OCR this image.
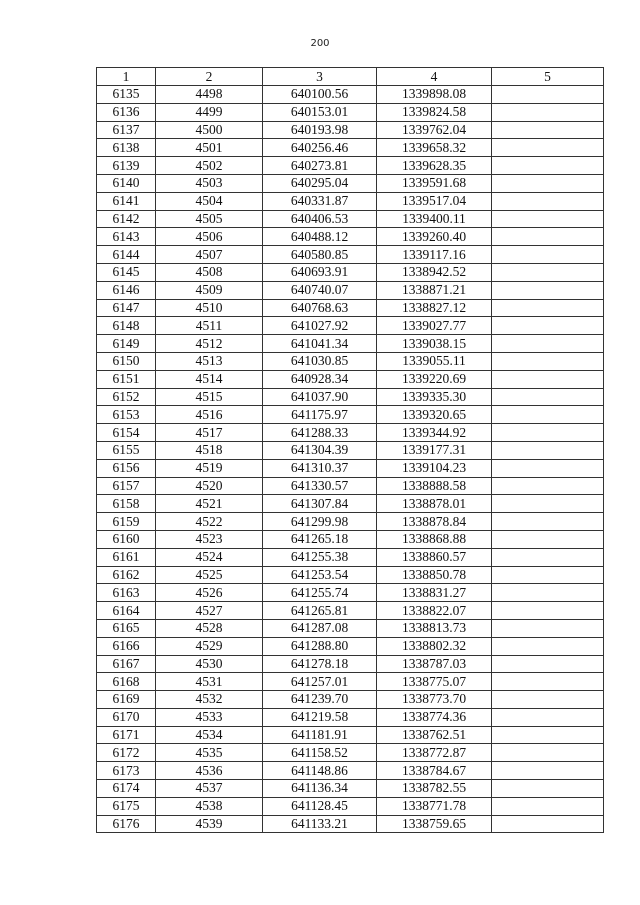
200
1	2	3	4	5
6135	4498	640100.56	1339898.08	
6136	4499	640153.01	1339824.58	
6137	4500	640193.98	1339762.04	
6138	4501	640256.46	1339658.32	
6139	4502	640273.81	1339628.35	
6140	4503	640295.04	1339591.68	
6141	4504	640331.87	1339517.04	
6142	4505	640406.53	1339400.11	
6143	4506	640488.12	1339260.40	
6144	4507	640580.85	1339117.16	
6145	4508	640693.91	1338942.52	
6146	4509	640740.07	1338871.21	
6147	4510	640768.63	1338827.12	
6148	4511	641027.92	1339027.77	
6149	4512	641041.34	1339038.15	
6150	4513	641030.85	1339055.11	
6151	4514	640928.34	1339220.69	
6152	4515	641037.90	1339335.30	
6153	4516	641175.97	1339320.65	
6154	4517	641288.33	1339344.92	
6155	4518	641304.39	1339177.31	
6156	4519	641310.37	1339104.23	
6157	4520	641330.57	1338888.58	
6158	4521	641307.84	1338878.01	
6159	4522	641299.98	1338878.84	
6160	4523	641265.18	1338868.88	
6161	4524	641255.38	1338860.57	
6162	4525	641253.54	1338850.78	
6163	4526	641255.74	1338831.27	
6164	4527	641265.81	1338822.07	
6165	4528	641287.08	1338813.73	
6166	4529	641288.80	1338802.32	
6167	4530	641278.18	1338787.03	
6168	4531	641257.01	1338775.07	
6169	4532	641239.70	1338773.70	
6170	4533	641219.58	1338774.36	
6171	4534	641181.91	1338762.51	
6172	4535	641158.52	1338772.87	
6173	4536	641148.86	1338784.67	
6174	4537	641136.34	1338782.55	
6175	4538	641128.45	1338771.78	
6176	4539	641133.21	1338759.65	
